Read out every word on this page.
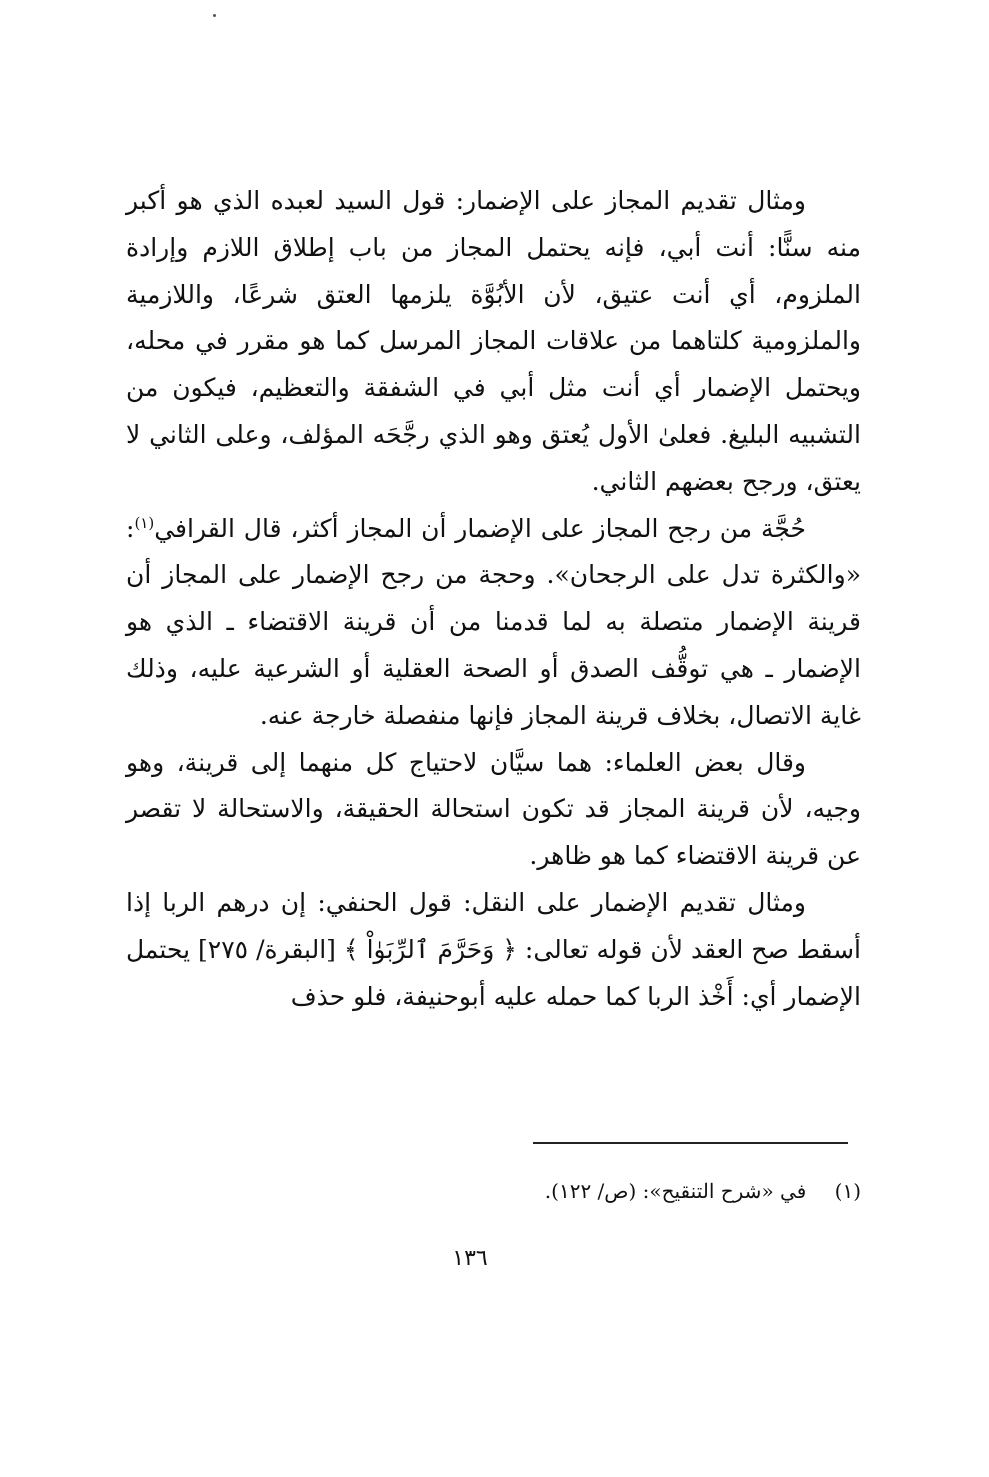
ومثال تقديم المجاز على الإضمار: قول السيد لعبده الذي هو أكبر منه سنًّا: أنت أبي، فإنه يحتمل المجاز من باب إطلاق اللازم وإرادة الملزوم، أي أنت عتيق، لأن الأبُوَّة يلزمها العتق شرعًا، واللازمية والملزومية كلتاهما من علاقات المجاز المرسل كما هو مقرر في محله، ويحتمل الإضمار أي أنت مثل أبي في الشفقة والتعظيم، فيكون من التشبيه البليغ. فعلىٰ الأول يُعتق وهو الذي رجَّحَه المؤلف، وعلى الثاني لا يعتق، ورجح بعضهم الثاني.

حُجَّة من رجح المجاز على الإضمار أن المجاز أكثر، قال القرافي$^{(١)}$: «والكثرة تدل على الرجحان». وحجة من رجح الإضمار على المجاز أن قرينة الإضمار متصلة به لما قدمنا من أن قرينة الاقتضاء ـ الذي هو الإضمار ـ هي توقُّف الصدق أو الصحة العقلية أو الشرعية عليه، وذلك غاية الاتصال، بخلاف قرينة المجاز فإنها منفصلة خارجة عنه.

وقال بعض العلماء: هما سيَّان لاحتياج كل منهما إلى قرينة، وهو وجيه، لأن قرينة المجاز قد تكون استحالة الحقيقة، والاستحالة لا تقصر عن قرينة الاقتضاء كما هو ظاهر.

ومثال تقديم الإضمار على النقل: قول الحنفي: إن درهم الربا إذا أسقط صح العقد لأن قوله تعالى: ﴿ وَحَرَّمَ ٱلرِّبَوٰاْ ﴾ [البقرة/ ٢٧٥] يحتمل الإضمار أي: أَخْذ الربا كما حمله عليه أبوحنيفة، فلو حذف

(١) في «شرح التنقيح»: (ص/ ١٢٢).
١٣٦
